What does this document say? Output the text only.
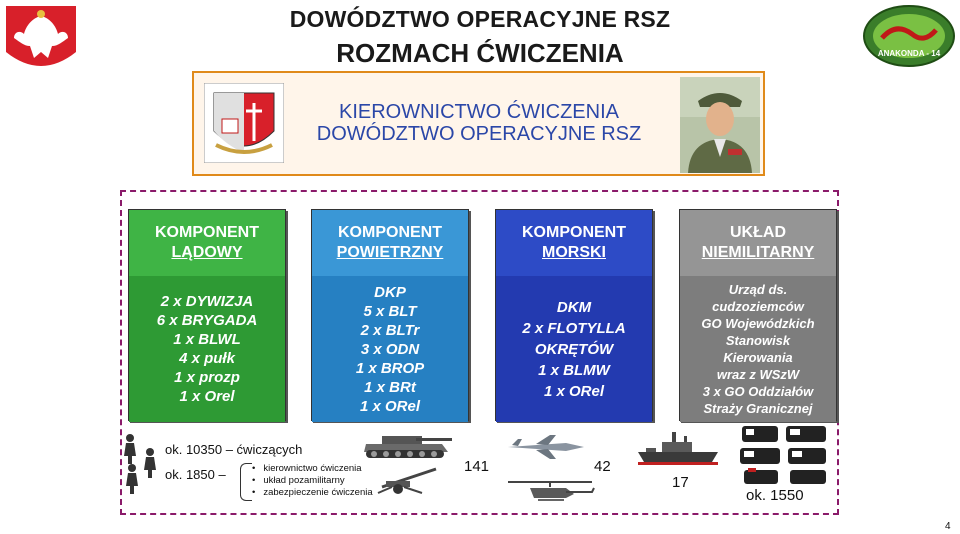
DOWÓDZTWO OPERACYJNE RSZ
ROZMACH ĆWICZENIA	ANAKONDA - 14
KIEROWNICTWO ĆWICZENIA
DOWÓDZTWO OPERACYJNE RSZ
KOMPONENT
LĄDOWY
2 x DYWIZJA
6 x BRYGADA
1 x BLWL
4 x pułk
1 x prozp
1 x Orel
KOMPONENT
POWIETRZNY
DKP
5 x BLT
2 x BLTr
3 x ODN
1 x BROP
1 x BRt
1 x ORel
KOMPONENT
MORSKI
DKM
2 x FLOTYLLA
OKRĘTÓW
1 x BLMW
1 x ORel
UKŁAD
NIEMILITARNY
Urząd ds.
cudzoziemców
GO Wojewódzkich
Stanowisk
Kierowania
wraz z WSzW
3 x GO Oddziałów
Straży Granicznej
ok. 10350 – ćwiczących
ok. 1850 –
•	kierownictwo ćwiczenia
• układ pozamilitarny
• zabezpieczenie ćwiczenia
141	42
17
ok. 1550
4
